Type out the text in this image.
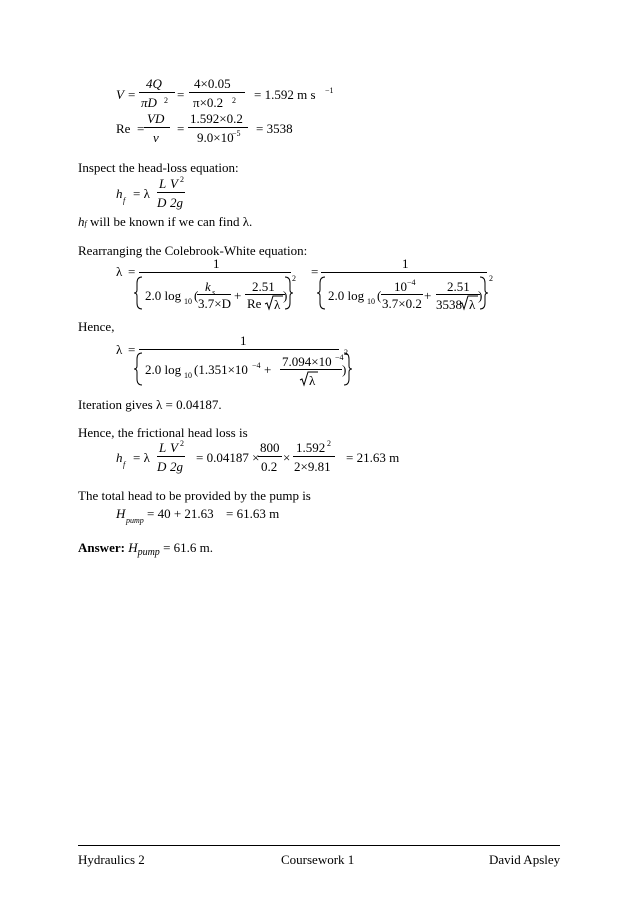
V =
4Q
πD 2 =
4×0.05
π×0.2 2 = 1.592 m s −1
Re =
VD
ν
=
1.592×0.2
9.0×10
−5 = 3538
Inspect the head-loss equation:
h f = λ
L
D
V 2
2g
hf will be known if we can find λ.
Rearranging the Colebrook-White equation:
λ =
1
2.0 log 10 (
k s
3.7×D
+
2.51
Re λ
)
2 =
1
2.0 log 10 (
10 −4
3.7×0.2
+
2.51
3538 λ
)
2
Hence,
λ =
1
2.0 log 10 (1.351×10 −4 +
7.094×10 −4
λ
)
2
Iteration gives λ = 0.04187.
Hence, the frictional head loss is
h f = λ
L
D
V 2
2g
= 0.04187 ×
800
0.2
×
1.592 2
2×9.81
= 21.63 m
The total head to be provided by the pump is
H pump = 40 + 21.63 = 61.63 m
Answer: $H_{pump} = 61.6$ m.
Hydraulics 2	Coursework 1	David Apsley
